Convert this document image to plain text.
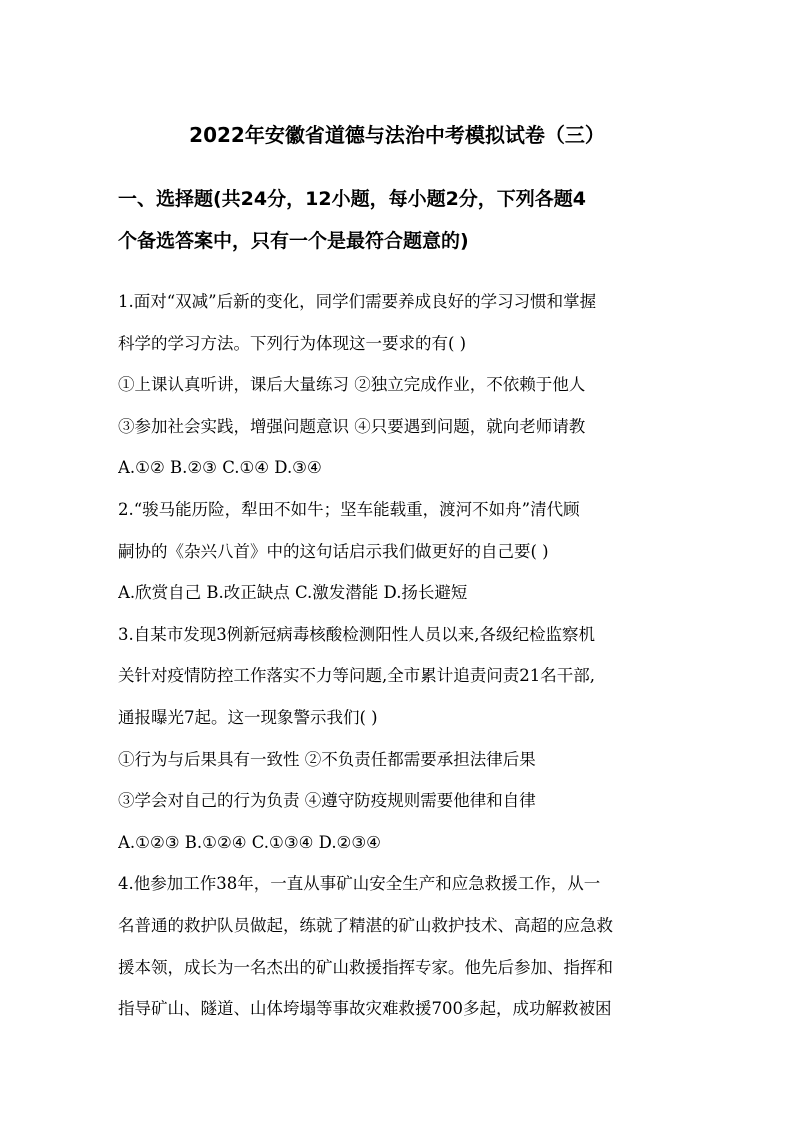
2022年安徽省道德与法治中考模拟试卷（三）
一、选择题(共24分，12小题，每小题2分，下列各题4
个备选答案中，只有一个是最符合题意的)
1.面对“双减”后新的变化，同学们需要养成良好的学习习惯和掌握
科学的学习方法。下列行为体现这一要求的有( )
①上课认真听讲，课后大量练习 ②独立完成作业，不依赖于他人
③参加社会实践，增强问题意识 ④只要遇到问题，就向老师请教
A.①② B.②③ C.①④ D.③④
2.“骏马能历险，犁田不如牛；坚车能载重，渡河不如舟”清代顾
嗣协的《杂兴八首》中的这句话启示我们做更好的自己要( )
A.欣赏自己 B.改正缺点 C.激发潜能 D.扬长避短
3.自某市发现3例新冠病毒核酸检测阳性人员以来,各级纪检监察机
关针对疫情防控工作落实不力等问题,全市累计追责问责21名干部,
通报曝光7起。这一现象警示我们( )
①行为与后果具有一致性 ②不负责任都需要承担法律后果
③学会对自己的行为负责 ④遵守防疫规则需要他律和自律
A.①②③ B.①②④ C.①③④ D.②③④
4.他参加工作38年，一直从事矿山安全生产和应急救援工作，从一
名普通的救护队员做起，练就了精湛的矿山救护技术、高超的应急救
援本领，成长为一名杰出的矿山救援指挥专家。他先后参加、指挥和
指导矿山、隧道、山体垮塌等事故灾难救援700多起，成功解救被困
